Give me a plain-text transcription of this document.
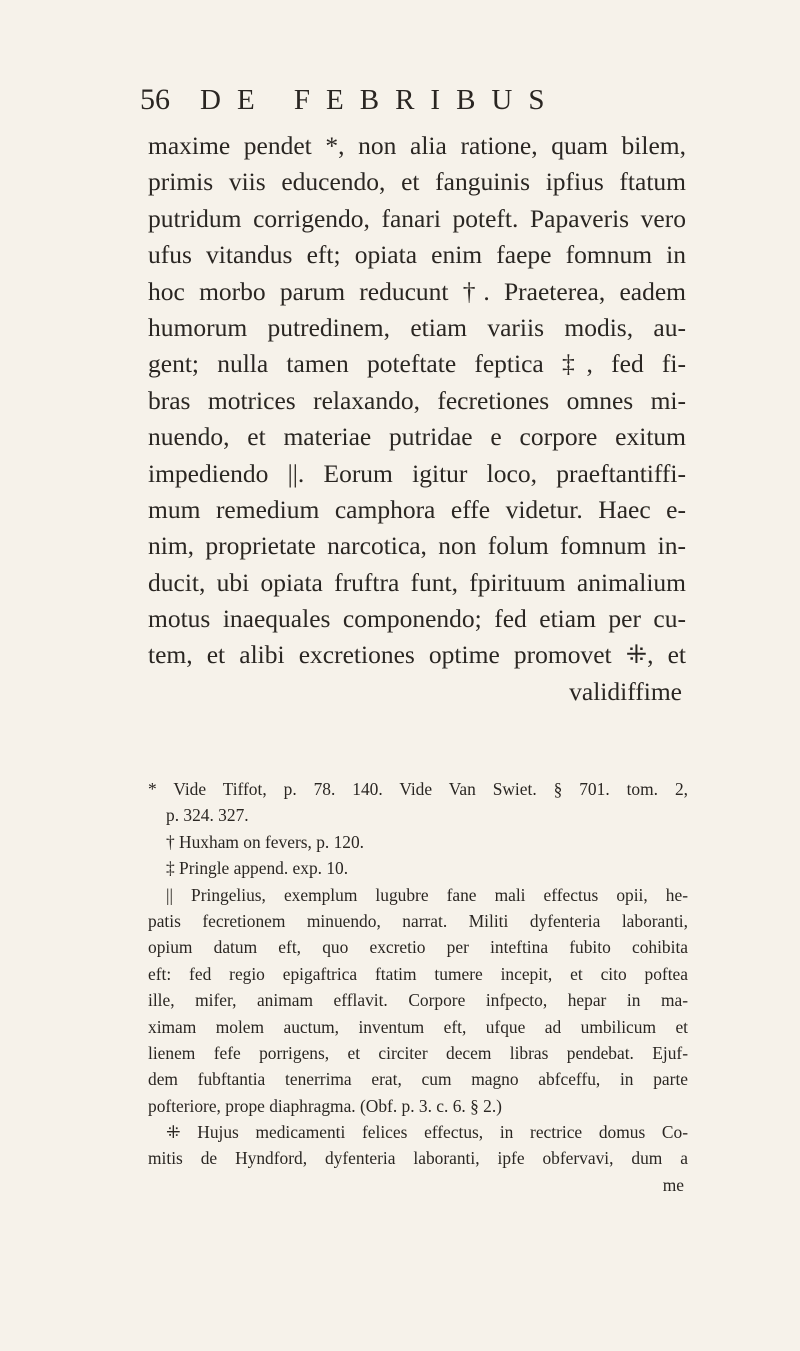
56 DE FEBRIBUS
maxime pendet *, non alia ratione, quam bilem,
primis viis educendo, et fanguinis ipfius ftatum
putridum corrigendo, fanari poteft. Papaveris vero
ufus vitandus eft; opiata enim faepe fomnum in
hoc morbo parum reducunt †. Praeterea, eadem
humorum putredinem, etiam variis modis, au-
gent; nulla tamen poteftate feptica ‡, fed fi-
bras motrices relaxando, fecretiones omnes mi-
nuendo, et materiae putridae e corpore exitum
impediendo ||. Eorum igitur loco, praeftantiffi-
mum remedium camphora effe videtur. Haec e-
nim, proprietate narcotica, non folum fomnum in-
ducit, ubi opiata fruftra funt, fpirituum animalium
motus inaequales componendo; fed etiam per cu-
tem, et alibi excretiones optime promovet ⁜, et
validiffime
* Vide Tiffot, p. 78. 140. Vide Van Swiet. § 701. tom. 2,
p. 324. 327.
† Huxham on fevers, p. 120.
‡ Pringle append. exp. 10.
|| Pringelius, exemplum lugubre fane mali effectus opii, he-
patis fecretionem minuendo, narrat. Militi dyfenteria laboranti,
opium datum eft, quo excretio per inteftina fubito cohibita
eft: fed regio epigaftrica ftatim tumere incepit, et cito poftea
ille, mifer, animam efflavit. Corpore infpecto, hepar in ma-
ximam molem auctum, inventum eft, ufque ad umbilicum et
lienem fefe porrigens, et circiter decem libras pendebat. Ejuf-
dem fubftantia tenerrima erat, cum magno abfceffu, in parte
pofteriore, prope diaphragma. (Obf. p. 3. c. 6. § 2.)
⁜ Hujus medicamenti felices effectus, in rectrice domus Co-
mitis de Hyndford, dyfenteria laboranti, ipfe obfervavi, dum a
me
